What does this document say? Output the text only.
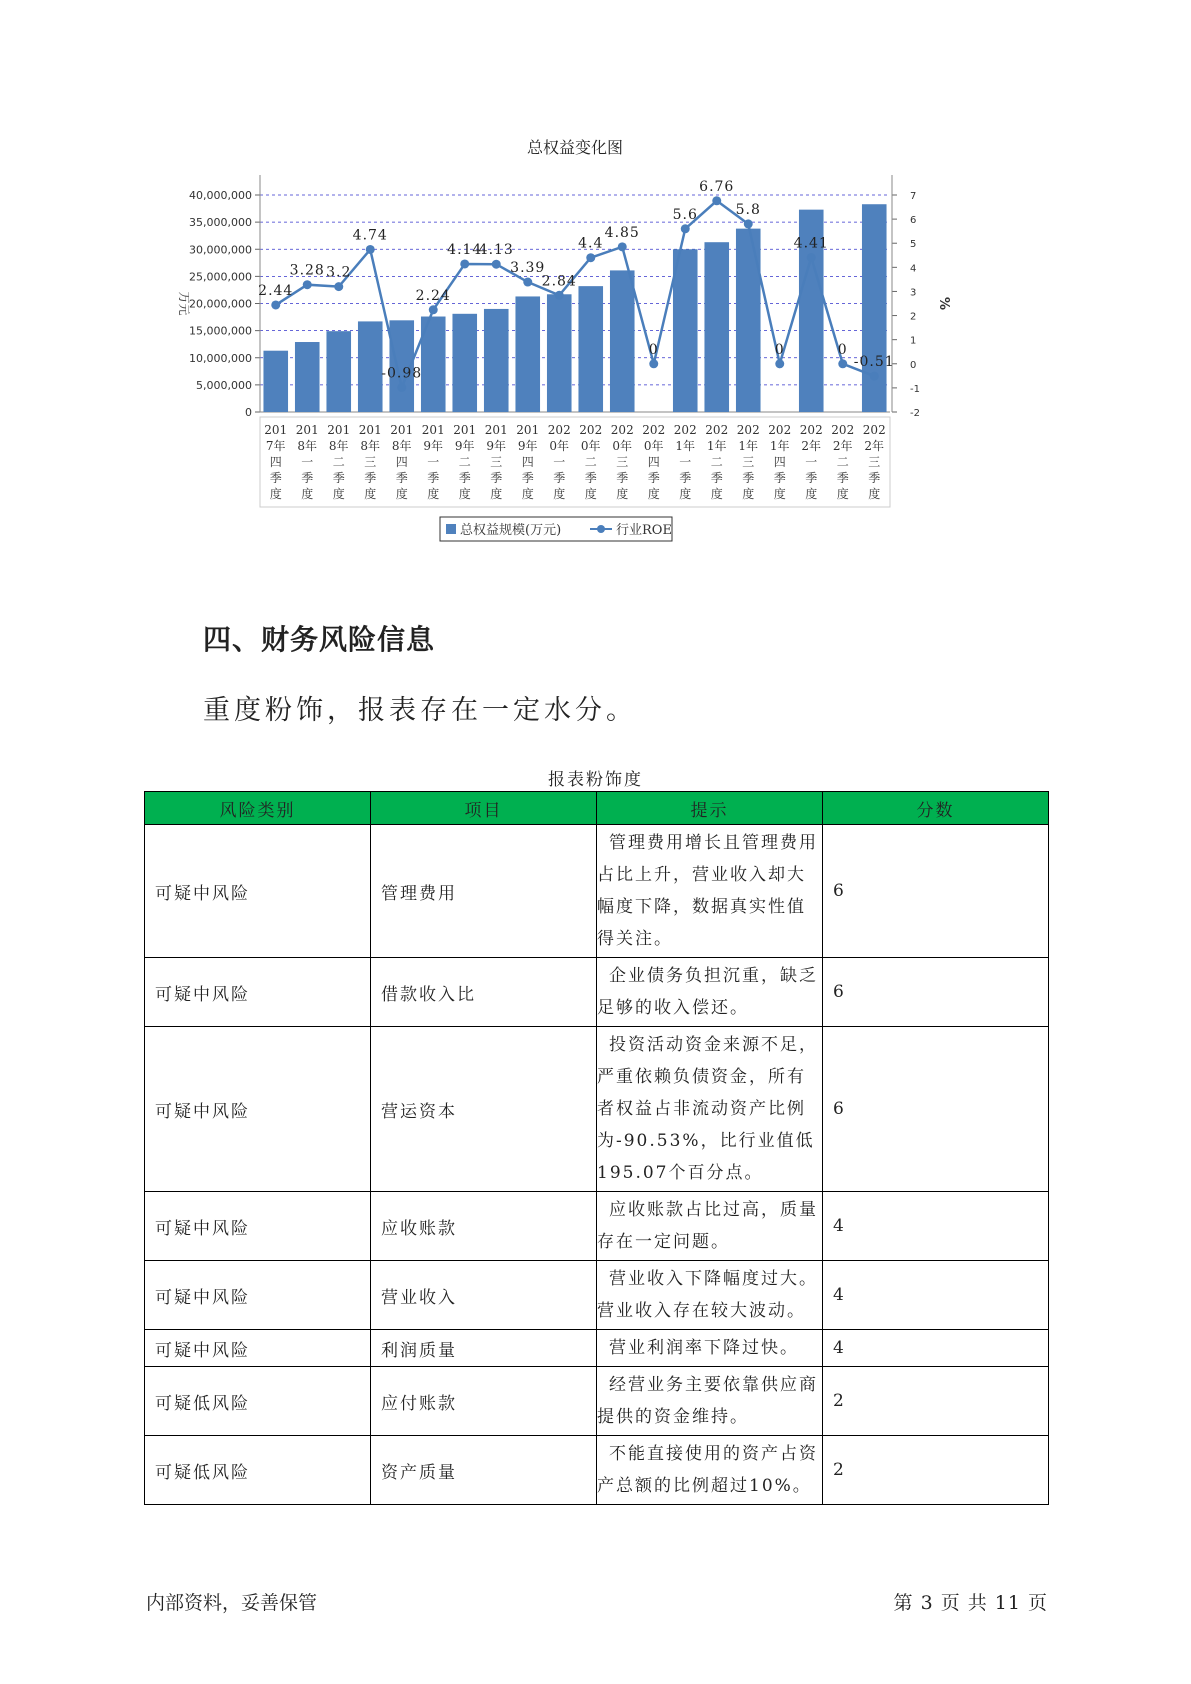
总权益变化图
0
5,000,000
10,000,000
15,000,000
20,000,000
25,000,000
30,000,000
35,000,000
40,000,000
-2
-1
0
1
2
3
4
5
6
7
万元	%
201
7年
四
季
度
201
8年
一
季
度
201
8年
二
季
度
201
8年
三
季
度
201
8年
四
季
度
201
9年
一
季
度
201
9年
二
季
度
201
9年
三
季
度
201
9年
四
季
度
202
0年
一
季
度
202
0年
二
季
度
202
0年
三
季
度
202
0年
四
季
度
202
1年
一
季
度
202
1年
二
季
度
202
1年
三
季
度
202
1年
四
季
度
202
2年
一
季
度
202
2年
二
季
度
202
2年
三
季
度
2.44
3.28 3.2
4.74
-0.98
2.24
4.14
4.13
3.39
2.84
4.4
4.85
0
5.6
6.76
5.8
0
4.41
0
-0.51
总权益规模(万元)	行业ROE
四、财务风险信息

重度粉饰，报表存在一定水分。

报表粉饰度
风险类别	项目	提示	分数
可疑中风险	管理费用	管理费用增长且管理费用占比上升，营业收入却大幅度下降，数据真实性值得关注。	6
可疑中风险	借款收入比	企业债务负担沉重，缺乏足够的收入偿还。	6
可疑中风险	营运资本	投资活动资金来源不足，严重依赖负债资金，所有者权益占非流动资产比例为-90.53%，比行业值低195.07个百分点。	6
可疑中风险	应收账款	应收账款占比过高，质量存在一定问题。	4
可疑中风险	营业收入	营业收入下降幅度过大。营业收入存在较大波动。	4
可疑中风险	利润质量	营业利润率下降过快。	4
可疑低风险	应付账款	经营业务主要依靠供应商提供的资金维持。	2
可疑低风险	资产质量	不能直接使用的资产占资产总额的比例超过10%。	2
内部资料，妥善保管	第 3 页 共 11 页
